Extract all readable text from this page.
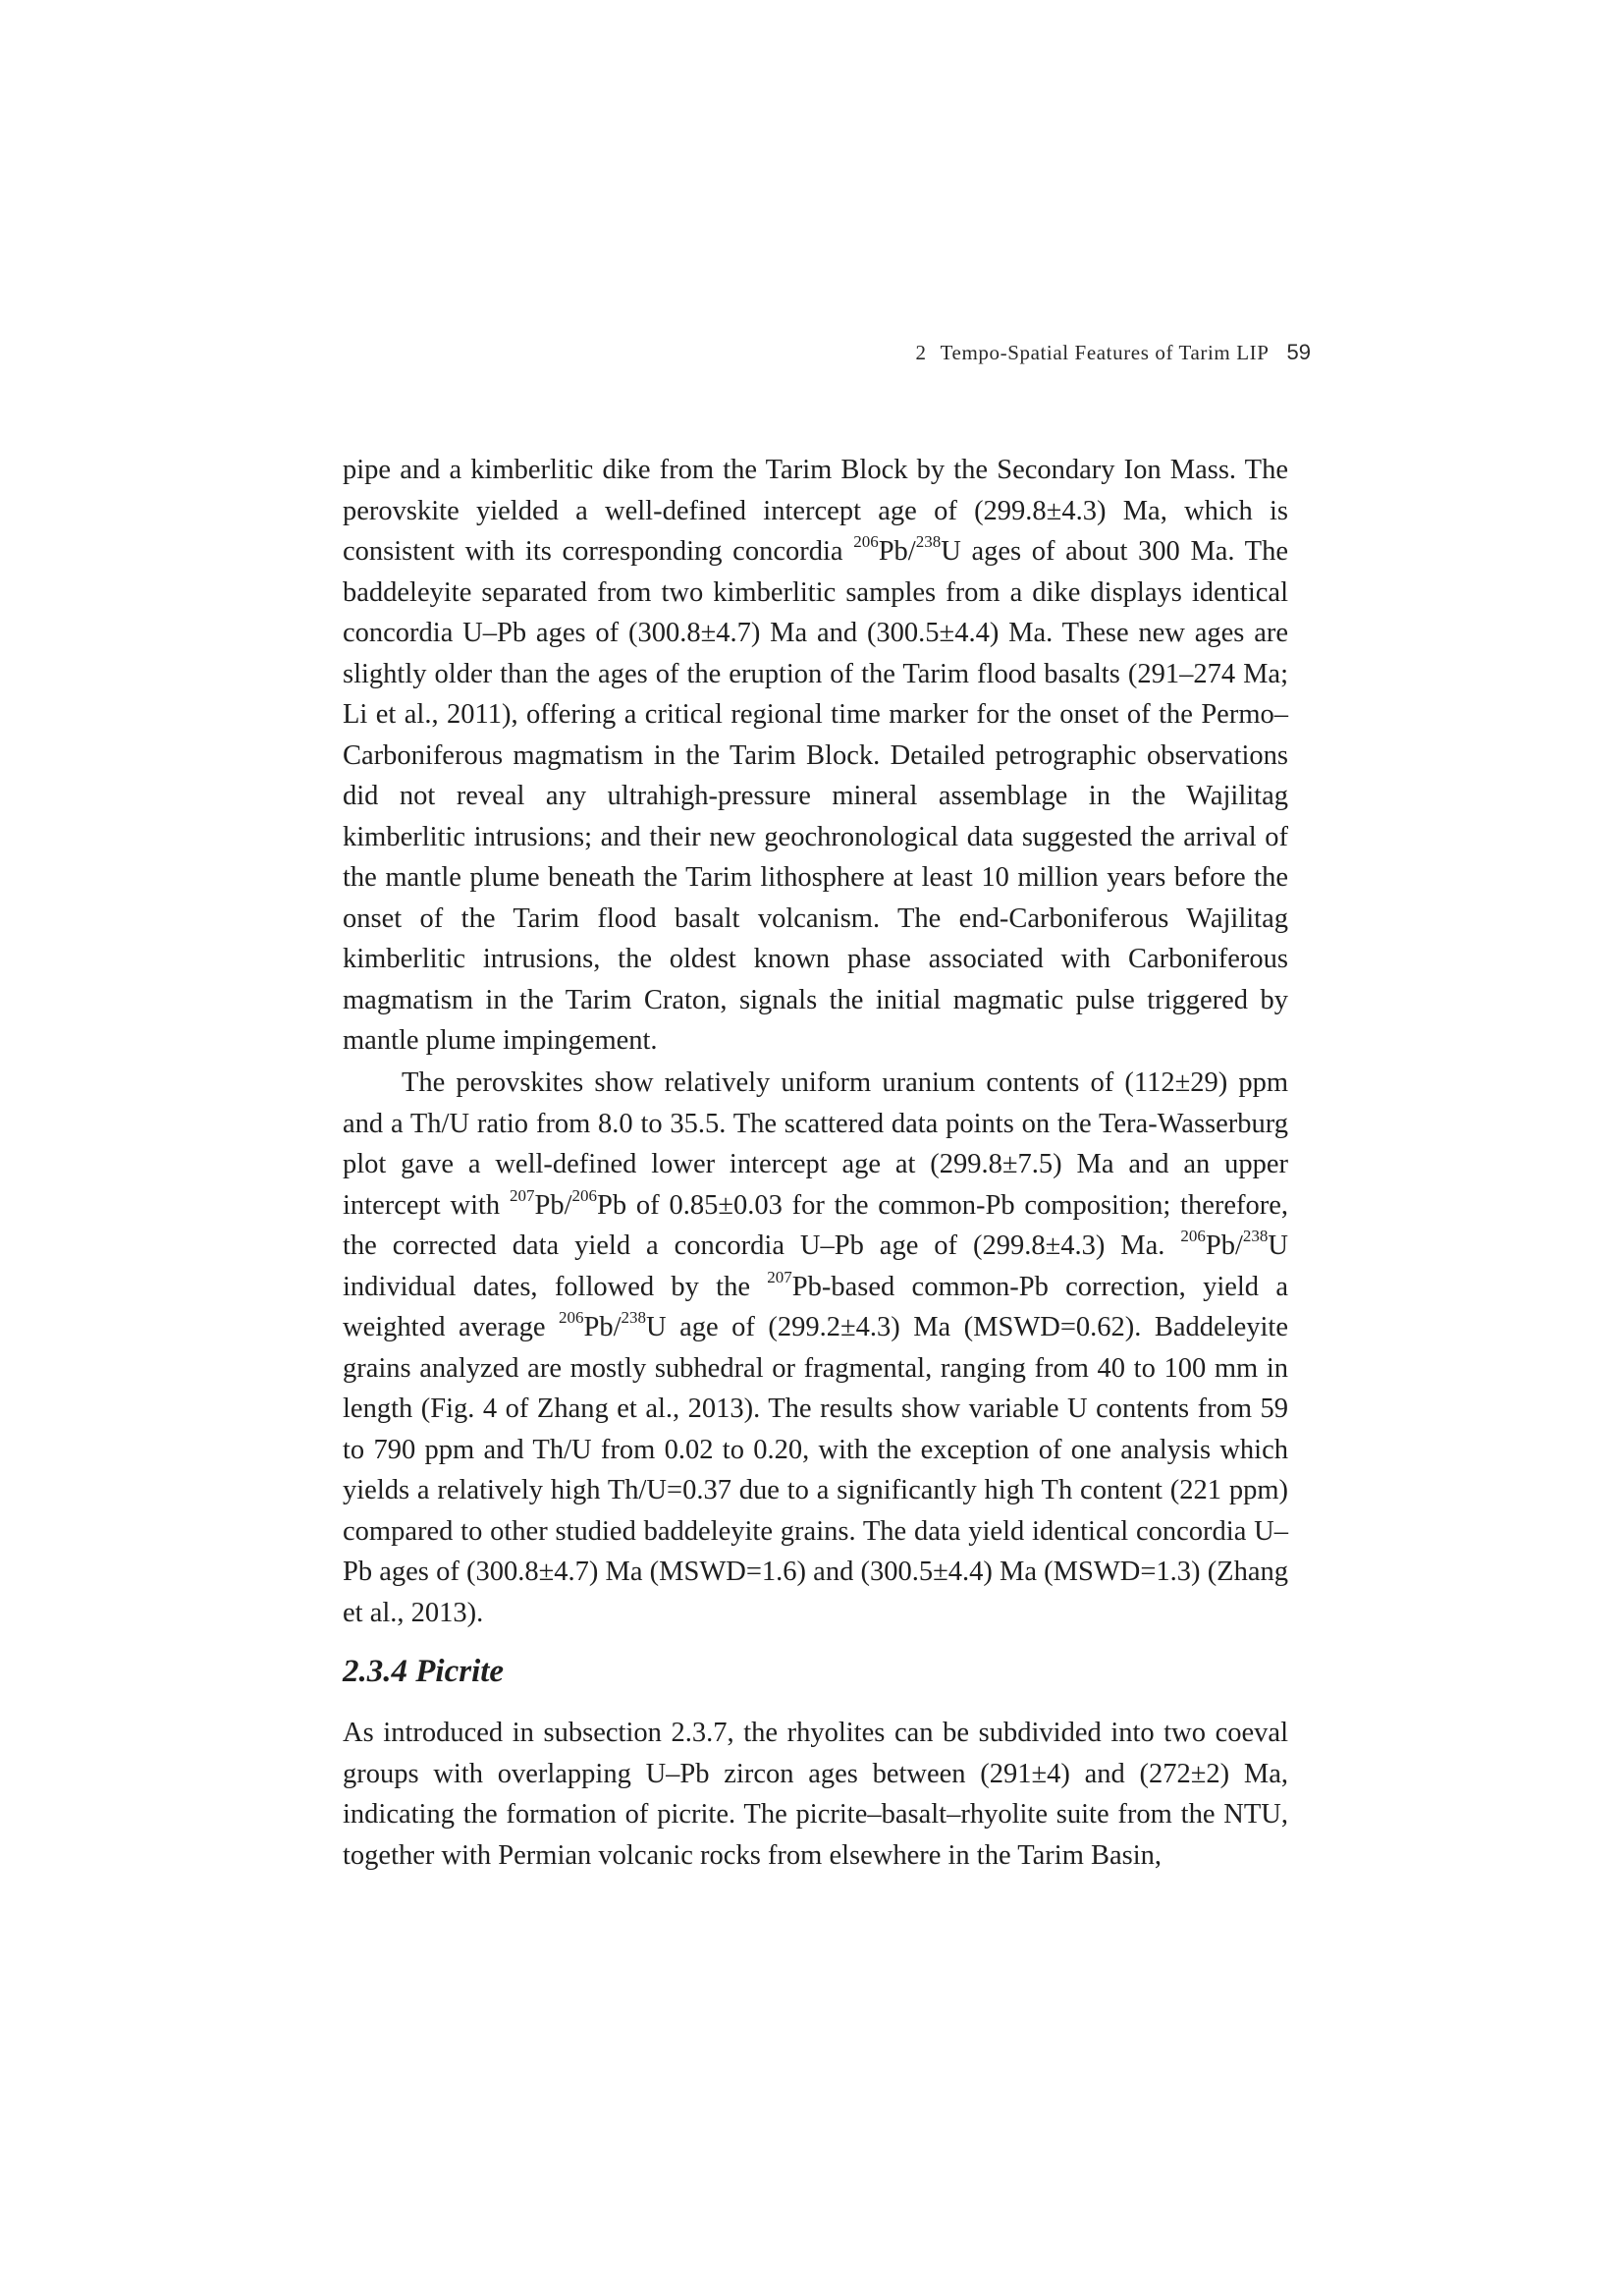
2 Tempo-Spatial Features of Tarim LIP 59

pipe and a kimberlitic dike from the Tarim Block by the Secondary Ion Mass. The perovskite yielded a well-defined intercept age of (299.8±4.3) Ma, which is consistent with its corresponding concordia $^{206}$Pb/$^{238}$U ages of about 300 Ma. The baddeleyite separated from two kimberlitic samples from a dike displays identical concordia U–Pb ages of (300.8±4.7) Ma and (300.5±4.4) Ma. These new ages are slightly older than the ages of the eruption of the Tarim flood basalts (291–274 Ma; Li et al., 2011), offering a critical regional time marker for the onset of the Permo–Carboniferous magmatism in the Tarim Block. Detailed petrographic observations did not reveal any ultrahigh-pressure mineral assemblage in the Wajilitag kimberlitic intrusions; and their new geochronological data suggested the arrival of the mantle plume beneath the Tarim lithosphere at least 10 million years before the onset of the Tarim flood basalt volcanism. The end-Carboniferous Wajilitag kimberlitic intrusions, the oldest known phase associated with Carboniferous magmatism in the Tarim Craton, signals the initial magmatic pulse triggered by mantle plume impingement.

The perovskites show relatively uniform uranium contents of (112±29) ppm and a Th/U ratio from 8.0 to 35.5. The scattered data points on the Tera-Wasserburg plot gave a well-defined lower intercept age at (299.8±7.5) Ma and an upper intercept with $^{207}$Pb/$^{206}$Pb of 0.85±0.03 for the common-Pb composition; therefore, the corrected data yield a concordia U–Pb age of (299.8±4.3) Ma. $^{206}$Pb/$^{238}$U individual dates, followed by the $^{207}$Pb-based common-Pb correction, yield a weighted average $^{206}$Pb/$^{238}$U age of (299.2±4.3) Ma (MSWD=0.62). Baddeleyite grains analyzed are mostly subhedral or fragmental, ranging from 40 to 100 mm in length (Fig. 4 of Zhang et al., 2013). The results show variable U contents from 59 to 790 ppm and Th/U from 0.02 to 0.20, with the exception of one analysis which yields a relatively high Th/U=0.37 due to a significantly high Th content (221 ppm) compared to other studied baddeleyite grains. The data yield identical concordia U–Pb ages of (300.8±4.7) Ma (MSWD=1.6) and (300.5±4.4) Ma (MSWD=1.3) (Zhang et al., 2013).

2.3.4 Picrite

As introduced in subsection 2.3.7, the rhyolites can be subdivided into two coeval groups with overlapping U–Pb zircon ages between (291±4) and (272±2) Ma, indicating the formation of picrite. The picrite–basalt–rhyolite suite from the NTU, together with Permian volcanic rocks from elsewhere in the Tarim Basin,
